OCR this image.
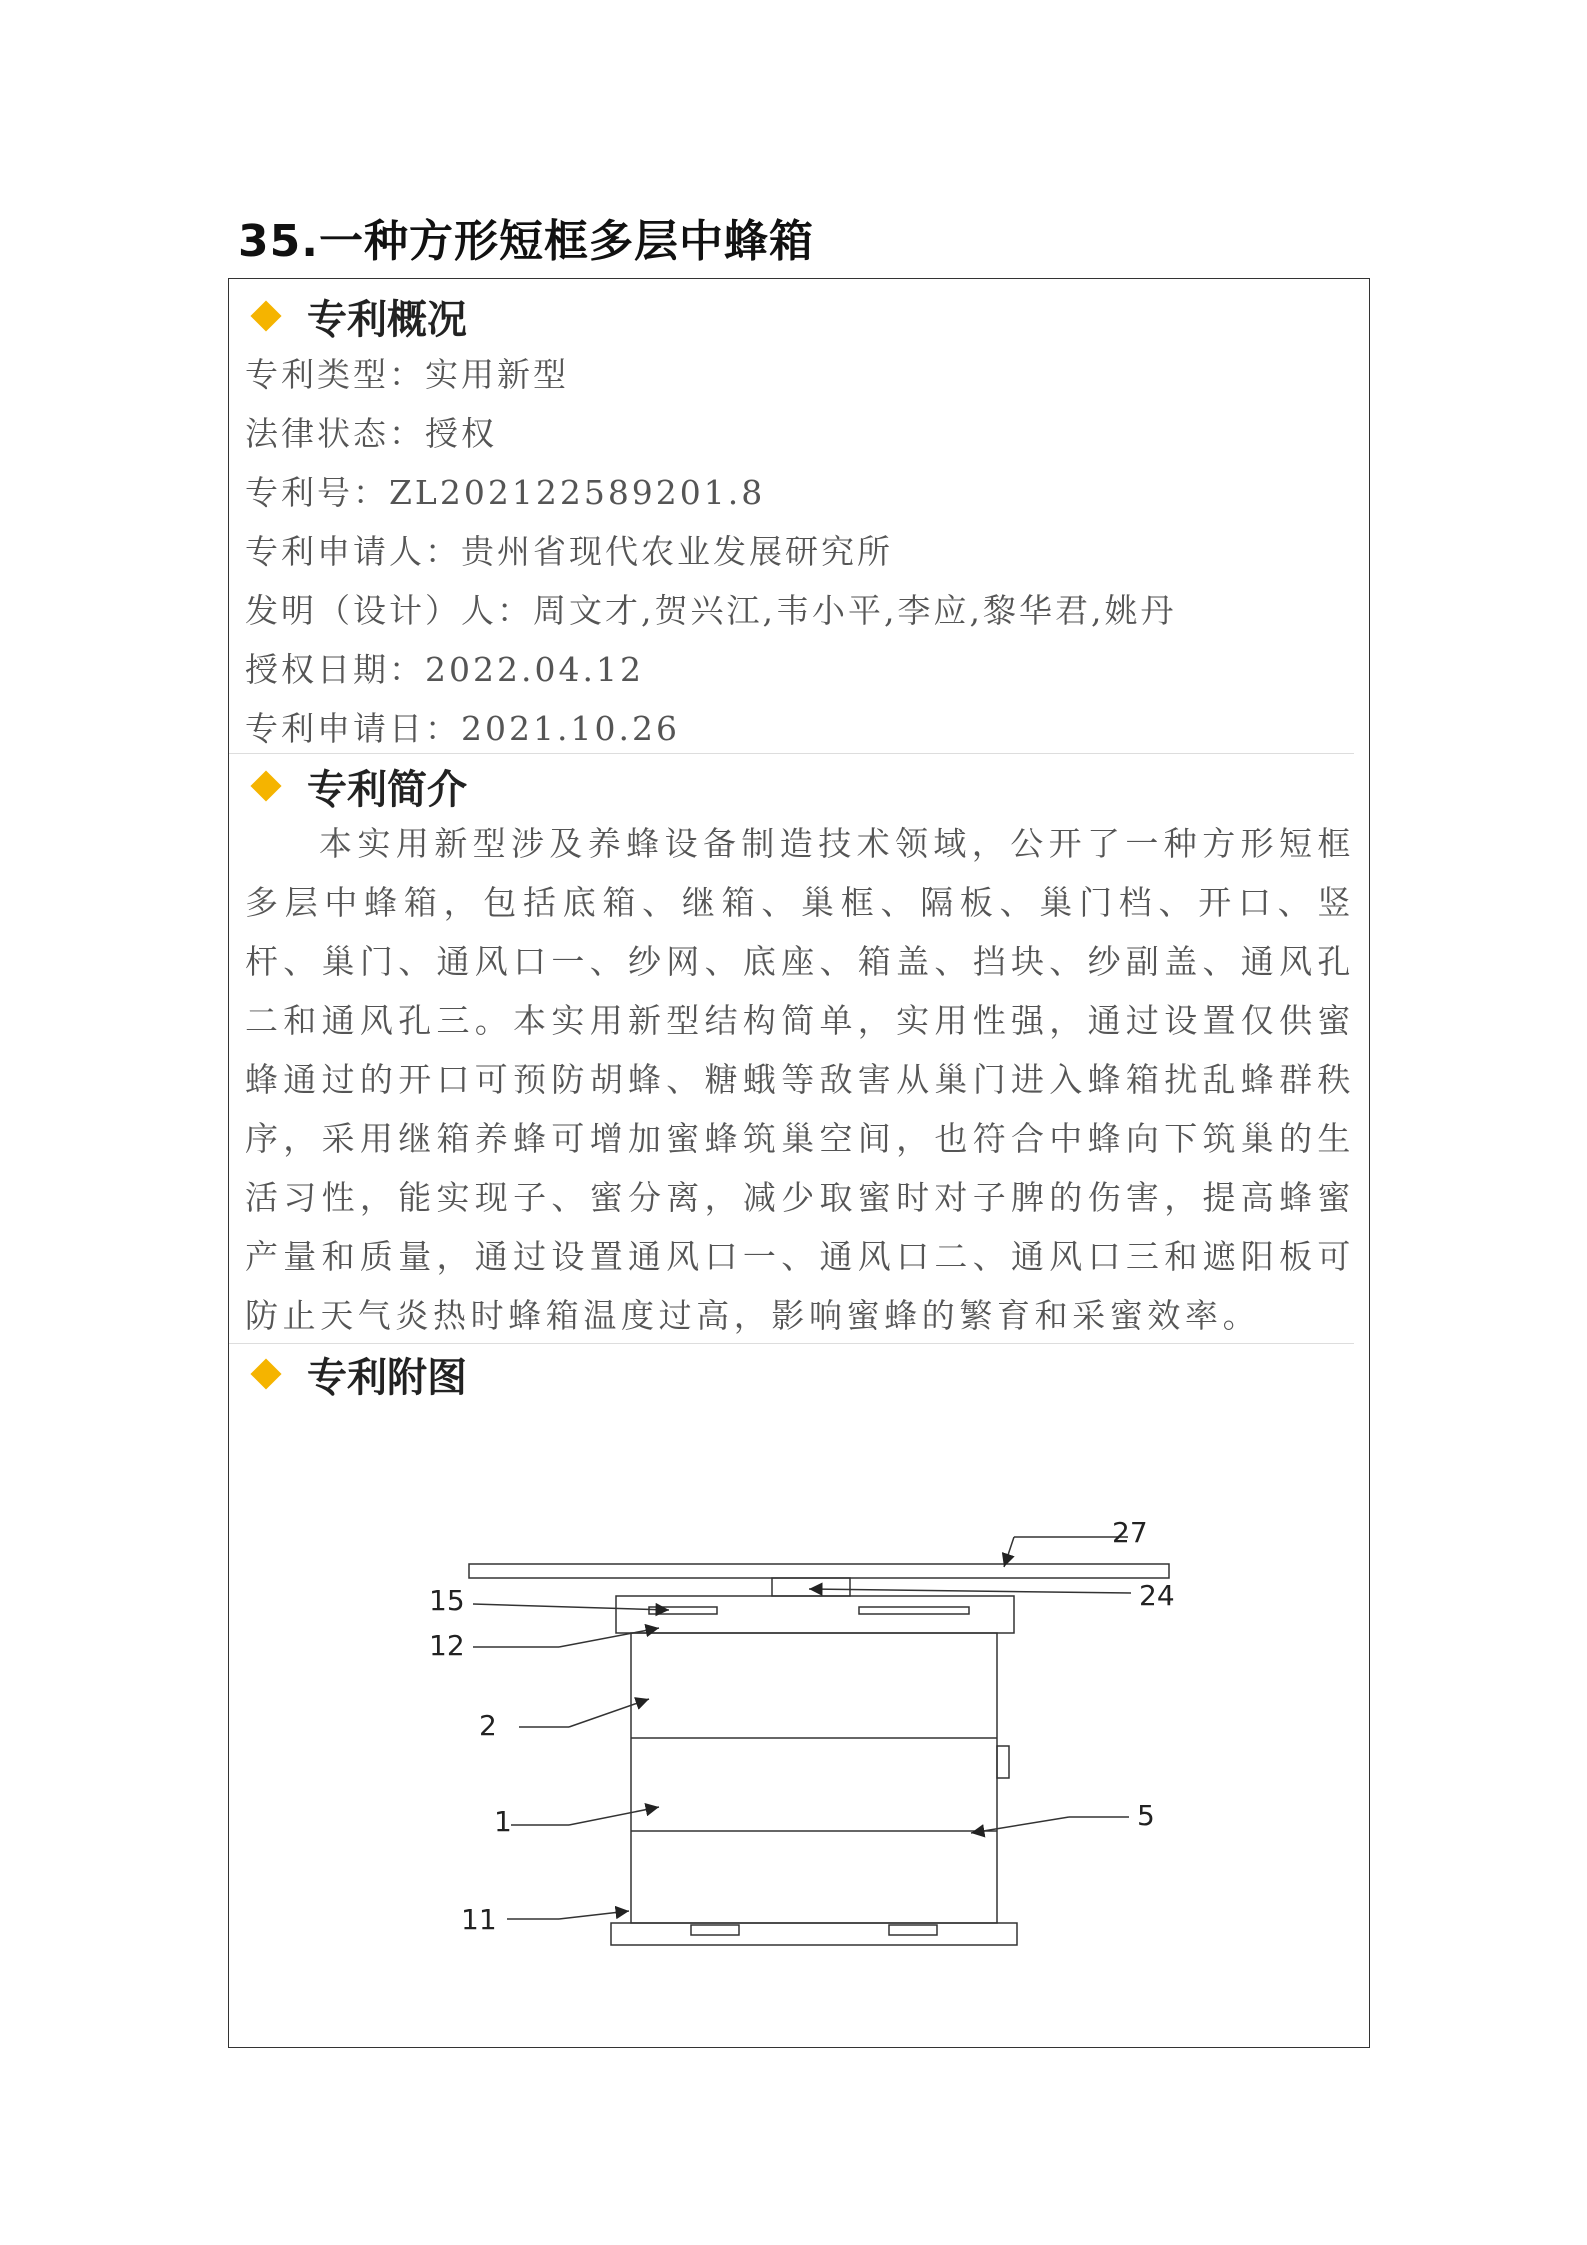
35.一种方形短框多层中蜂箱
专利概况
专利类型：实用新型
法律状态：授权
专利号：ZL202122589201.8
专利申请人：贵州省现代农业发展研究所
发明（设计）人：周文才,贺兴江,韦小平,李应,黎华君,姚丹
授权日期：2022.04.12
专利申请日：2021.10.26
专利简介

本实用新型涉及养蜂设备制造技术领域，公开了一种方形短框多层中蜂箱，包括底箱、继箱、巢框、隔板、巢门档、开口、竖杆、巢门、通风口一、纱网、底座、箱盖、挡块、纱副盖、通风孔二和通风孔三。本实用新型结构简单，实用性强，通过设置仅供蜜蜂通过的开口可预防胡蜂、糖蛾等敌害从巢门进入蜂箱扰乱蜂群秩序，采用继箱养蜂可增加蜜蜂筑巢空间，也符合中蜂向下筑巢的生活习性，能实现子、蜜分离，减少取蜜时对子脾的伤害，提高蜂蜜产量和质量，通过设置通风口一、通风口二、通风口三和遮阳板可防止天气炎热时蜂箱温度过高，影响蜜蜂的繁育和采蜜效率。

专利附图
27
24
15
12
2
1	5
11
